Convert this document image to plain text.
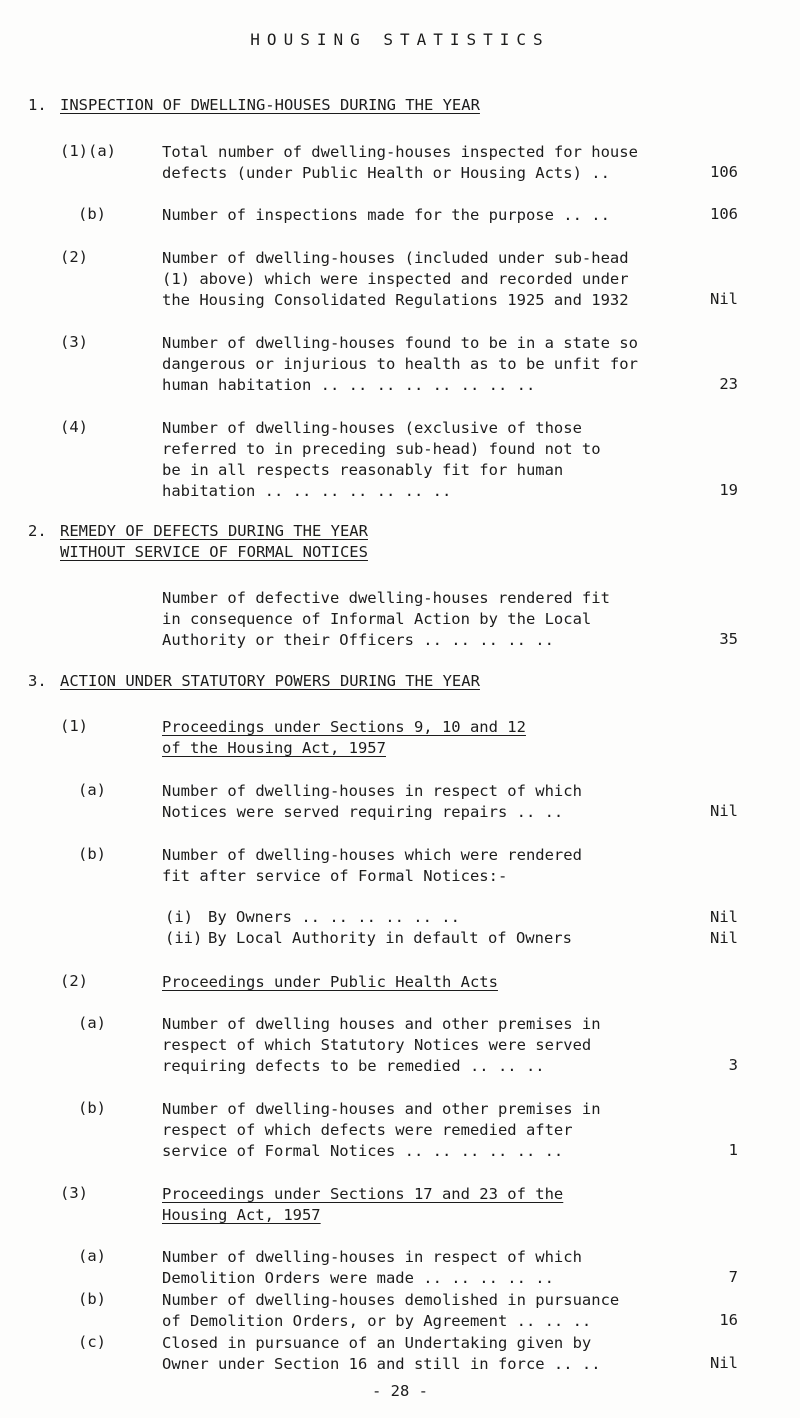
HOUSING STATISTICS
1. INSPECTION OF DWELLING-HOUSES DURING THE YEAR
(1)(a)	Total number of dwelling-houses inspected for house
defects (under Public Health or Housing Acts) ..	106
(b)	Number of inspections made for the purpose .. ..	106
(2)	Number of dwelling-houses (included under sub-head
(1) above) which were inspected and recorded under
the Housing Consolidated Regulations 1925 and 1932	Nil
(3)	Number of dwelling-houses found to be in a state so
dangerous or injurious to health as to be unfit for
human habitation .. .. .. .. .. .. .. ..	23
(4)	Number of dwelling-houses (exclusive of those
referred to in preceding sub-head) found not to
be in all respects reasonably fit for human
habitation .. .. .. .. .. .. ..	19
2. REMEDY OF DEFECTS DURING THE YEAR
WITHOUT SERVICE OF FORMAL NOTICES
Number of defective dwelling-houses rendered fit
in consequence of Informal Action by the Local
Authority or their Officers .. .. .. .. ..	35
3. ACTION UNDER STATUTORY POWERS DURING THE YEAR
(1)	Proceedings under Sections 9, 10 and 12
of the Housing Act, 1957
(a)	Number of dwelling-houses in respect of which
Notices were served requiring repairs .. ..	Nil
(b)	Number of dwelling-houses which were rendered
fit after service of Formal Notices:-
(i) By Owners .. .. .. .. .. ..	Nil
(ii) By Local Authority in default of Owners	Nil
(2)	Proceedings under Public Health Acts
(a)	Number of dwelling houses and other premises in
respect of which Statutory Notices were served
requiring defects to be remedied .. .. ..	3
(b)	Number of dwelling-houses and other premises in
respect of which defects were remedied after
service of Formal Notices .. .. .. .. .. ..	1
(3)	Proceedings under Sections 17 and 23 of the
Housing Act, 1957
(a)	Number of dwelling-houses in respect of which
Demolition Orders were made .. .. .. .. ..	7
(b)	Number of dwelling-houses demolished in pursuance
of Demolition Orders, or by Agreement .. .. ..	16
(c)	Closed in pursuance of an Undertaking given by
Owner under Section 16 and still in force .. ..	Nil
- 28 -
